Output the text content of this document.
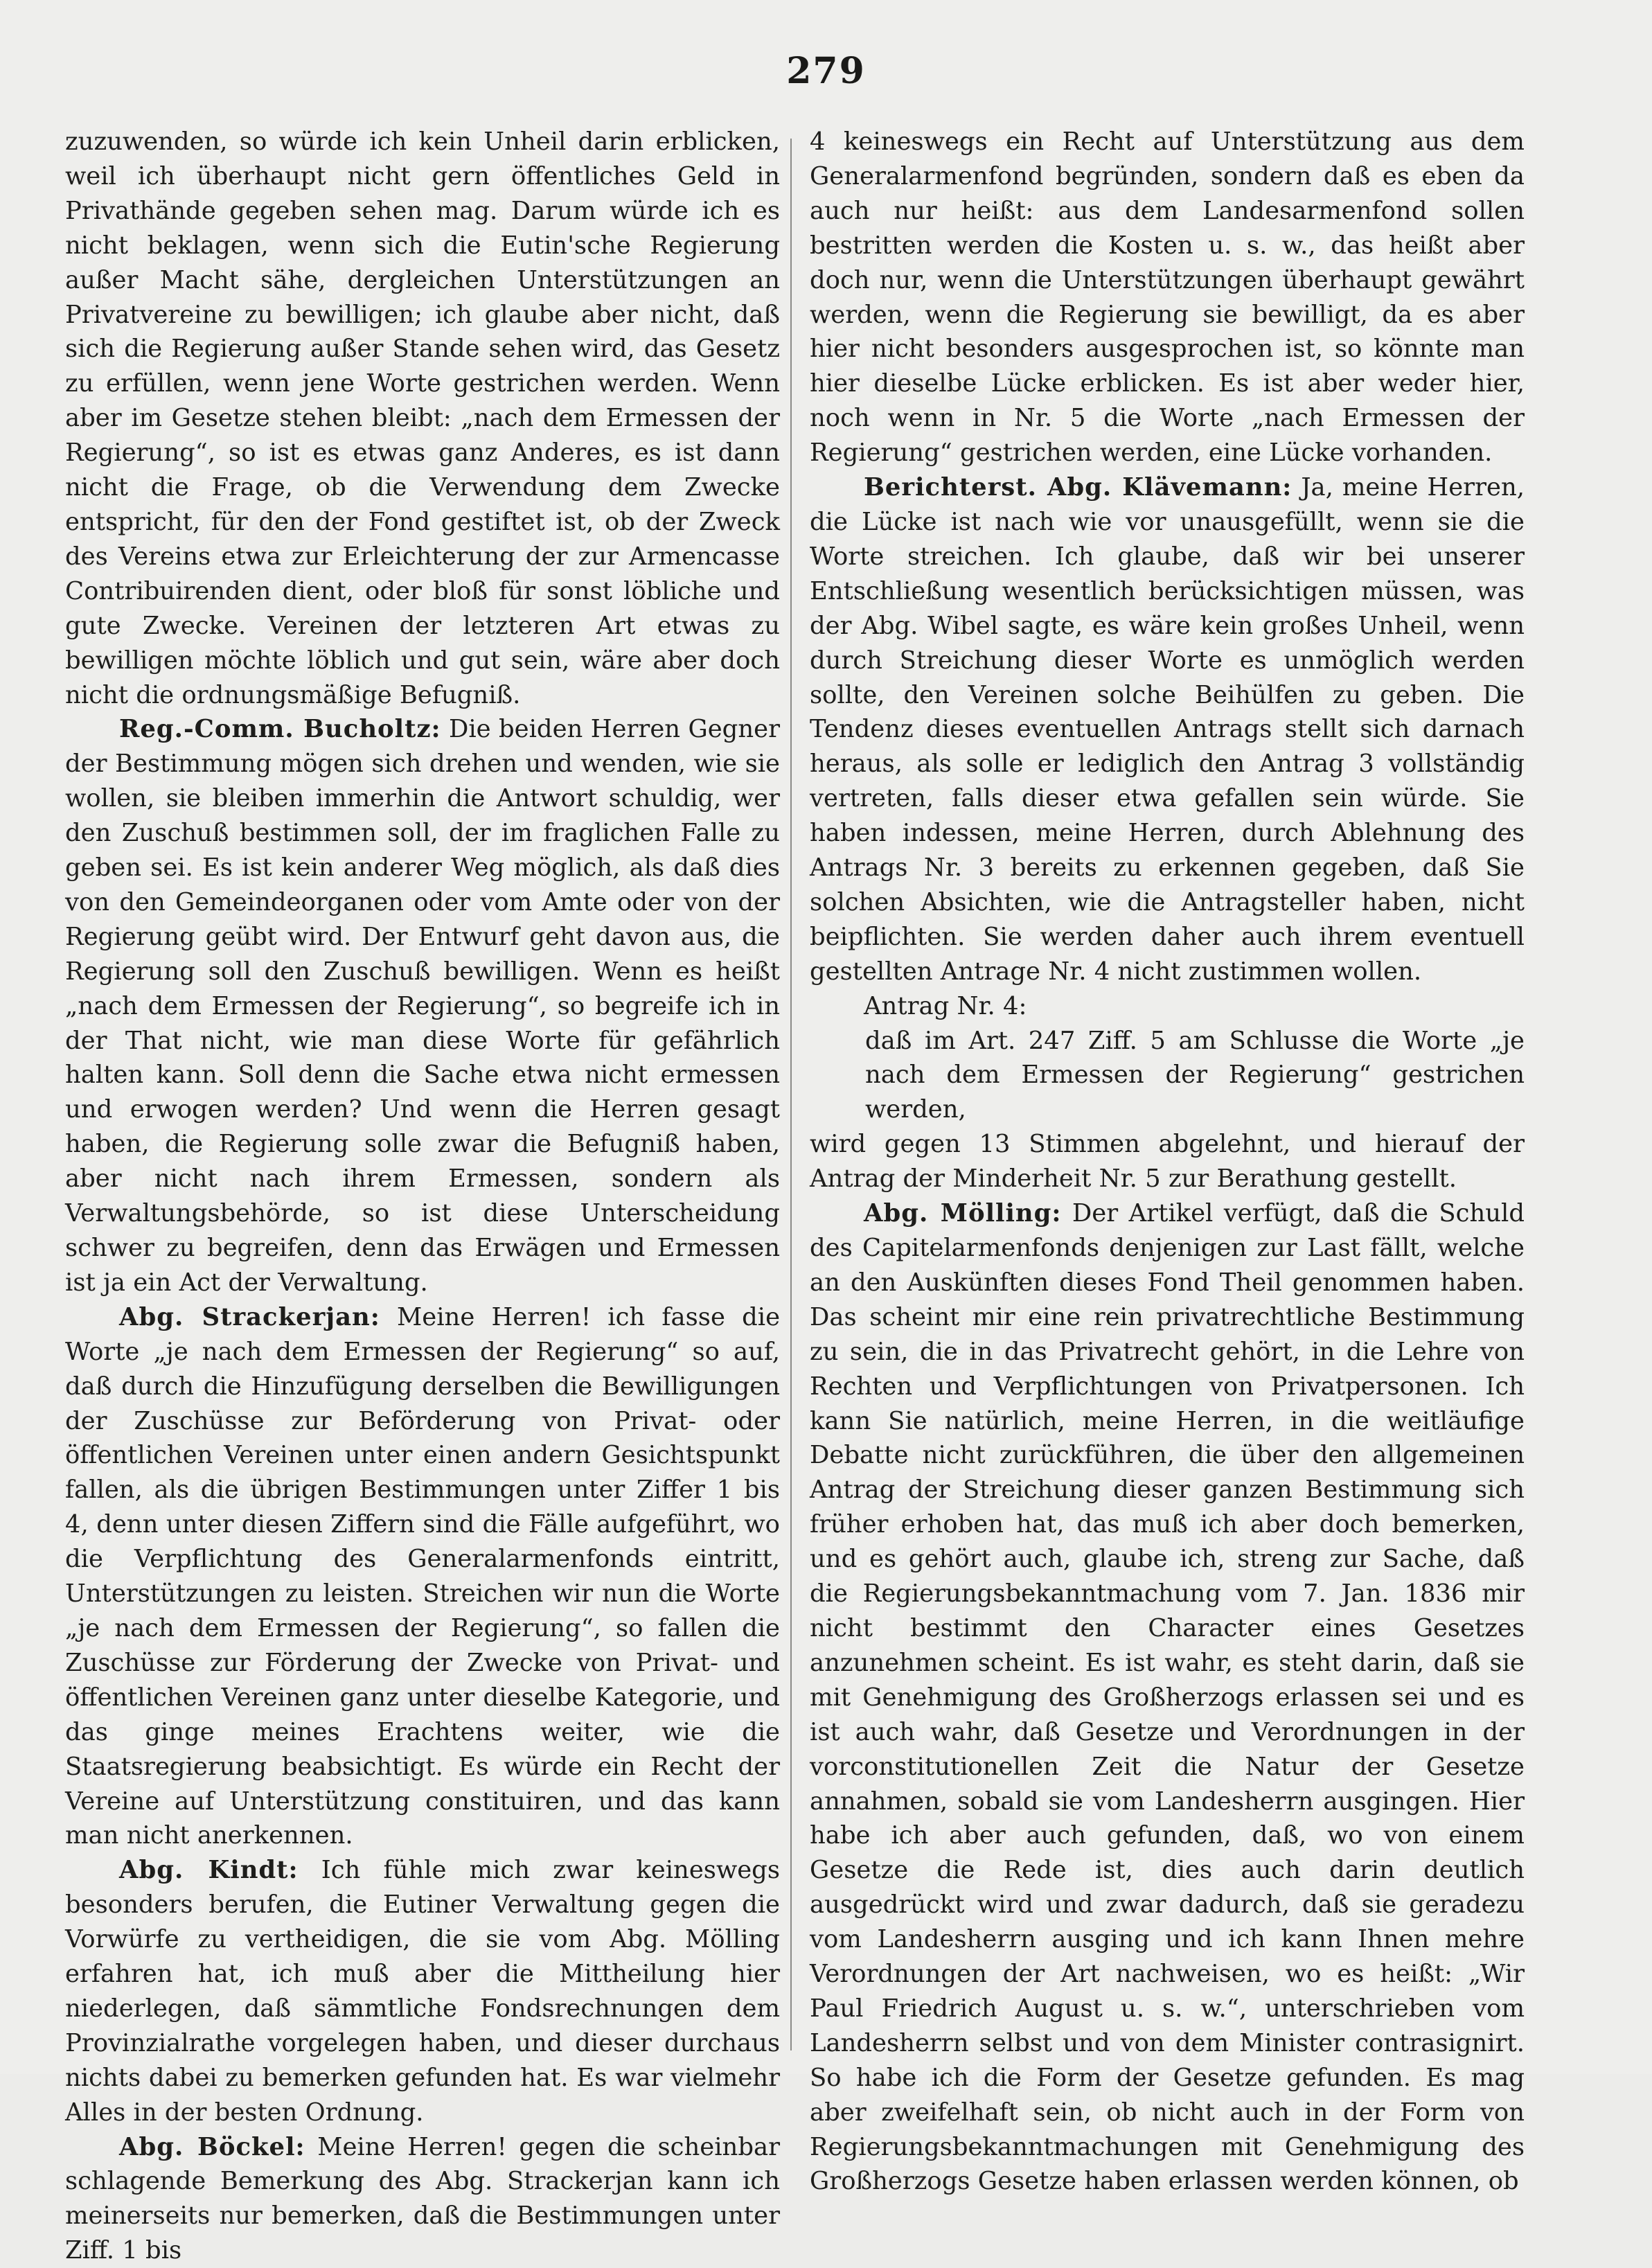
279

zuzuwenden, so würde ich kein Unheil darin erblicken, weil ich überhaupt nicht gern öffentliches Geld in Privathände gegeben sehen mag. Darum würde ich es nicht beklagen, wenn sich die Eutin'sche Regierung außer Macht sähe, dergleichen Unterstützungen an Privatvereine zu bewilligen; ich glaube aber nicht, daß sich die Regierung außer Stande sehen wird, das Gesetz zu erfüllen, wenn jene Worte gestrichen werden. Wenn aber im Gesetze stehen bleibt: „nach dem Ermessen der Regierung“, so ist es etwas ganz Anderes, es ist dann nicht die Frage, ob die Verwendung dem Zwecke entspricht, für den der Fond gestiftet ist, ob der Zweck des Vereins etwa zur Erleichterung der zur Armencasse Contribuirenden dient, oder bloß für sonst löbliche und gute Zwecke. Vereinen der letzteren Art etwas zu bewilligen möchte löblich und gut sein, wäre aber doch nicht die ordnungsmäßige Befugniß.

Reg.-Comm. Bucholtz: Die beiden Herren Gegner der Bestimmung mögen sich drehen und wenden, wie sie wollen, sie bleiben immerhin die Antwort schuldig, wer den Zuschuß bestimmen soll, der im fraglichen Falle zu geben sei. Es ist kein anderer Weg möglich, als daß dies von den Gemeindeorganen oder vom Amte oder von der Regierung geübt wird. Der Entwurf geht davon aus, die Regierung soll den Zuschuß bewilligen. Wenn es heißt „nach dem Ermessen der Regierung“, so begreife ich in der That nicht, wie man diese Worte für gefährlich halten kann. Soll denn die Sache etwa nicht ermessen und erwogen werden? Und wenn die Herren gesagt haben, die Regierung solle zwar die Befugniß haben, aber nicht nach ihrem Ermessen, sondern als Verwaltungsbehörde, so ist diese Unterscheidung schwer zu begreifen, denn das Erwägen und Ermessen ist ja ein Act der Verwaltung.

Abg. Strackerjan: Meine Herren! ich fasse die Worte „je nach dem Ermessen der Regierung“ so auf, daß durch die Hinzufügung derselben die Bewilligungen der Zuschüsse zur Beförderung von Privat- oder öffentlichen Vereinen unter einen andern Gesichtspunkt fallen, als die übrigen Bestimmungen unter Ziffer 1 bis 4, denn unter diesen Ziffern sind die Fälle aufgeführt, wo die Verpflichtung des Generalarmenfonds eintritt, Unterstützungen zu leisten. Streichen wir nun die Worte „je nach dem Ermessen der Regierung“, so fallen die Zuschüsse zur Förderung der Zwecke von Privat- und öffentlichen Vereinen ganz unter dieselbe Kategorie, und das ginge meines Erachtens weiter, wie die Staatsregierung beabsichtigt. Es würde ein Recht der Vereine auf Unterstützung constituiren, und das kann man nicht anerkennen.

Abg. Kindt: Ich fühle mich zwar keineswegs besonders berufen, die Eutiner Verwaltung gegen die Vorwürfe zu vertheidigen, die sie vom Abg. Mölling erfahren hat, ich muß aber die Mittheilung hier niederlegen, daß sämmtliche Fondsrechnungen dem Provinzialrathe vorgelegen haben, und dieser durchaus nichts dabei zu bemerken gefunden hat. Es war vielmehr Alles in der besten Ordnung.

Abg. Böckel: Meine Herren! gegen die scheinbar schlagende Bemerkung des Abg. Strackerjan kann ich meinerseits nur bemerken, daß die Bestimmungen unter Ziff. 1 bis

4 keineswegs ein Recht auf Unterstützung aus dem Generalarmenfond begründen, sondern daß es eben da auch nur heißt: aus dem Landesarmenfond sollen bestritten werden die Kosten u. s. w., das heißt aber doch nur, wenn die Unterstützungen überhaupt gewährt werden, wenn die Regierung sie bewilligt, da es aber hier nicht besonders ausgesprochen ist, so könnte man hier dieselbe Lücke erblicken. Es ist aber weder hier, noch wenn in Nr. 5 die Worte „nach Ermessen der Regierung“ gestrichen werden, eine Lücke vorhanden.

Berichterst. Abg. Klävemann: Ja, meine Herren, die Lücke ist nach wie vor unausgefüllt, wenn sie die Worte streichen. Ich glaube, daß wir bei unserer Entschließung wesentlich berücksichtigen müssen, was der Abg. Wibel sagte, es wäre kein großes Unheil, wenn durch Streichung dieser Worte es unmöglich werden sollte, den Vereinen solche Beihülfen zu geben. Die Tendenz dieses eventuellen Antrags stellt sich darnach heraus, als solle er lediglich den Antrag 3 vollständig vertreten, falls dieser etwa gefallen sein würde. Sie haben indessen, meine Herren, durch Ablehnung des Antrags Nr. 3 bereits zu erkennen gegeben, daß Sie solchen Absichten, wie die Antragsteller haben, nicht beipflichten. Sie werden daher auch ihrem eventuell gestellten Antrage Nr. 4 nicht zustimmen wollen.

Antrag Nr. 4:

daß im Art. 247 Ziff. 5 am Schlusse die Worte „je nach dem Ermessen der Regierung“ gestrichen werden,

wird gegen 13 Stimmen abgelehnt, und hierauf der Antrag der Minderheit Nr. 5 zur Berathung gestellt.

Abg. Mölling: Der Artikel verfügt, daß die Schuld des Capitelarmenfonds denjenigen zur Last fällt, welche an den Auskünften dieses Fond Theil genommen haben. Das scheint mir eine rein privatrechtliche Bestimmung zu sein, die in das Privatrecht gehört, in die Lehre von Rechten und Verpflichtungen von Privatpersonen. Ich kann Sie natürlich, meine Herren, in die weitläufige Debatte nicht zurückführen, die über den allgemeinen Antrag der Streichung dieser ganzen Bestimmung sich früher erhoben hat, das muß ich aber doch bemerken, und es gehört auch, glaube ich, streng zur Sache, daß die Regierungsbekanntmachung vom 7. Jan. 1836 mir nicht bestimmt den Character eines Gesetzes anzunehmen scheint. Es ist wahr, es steht darin, daß sie mit Genehmigung des Großherzogs erlassen sei und es ist auch wahr, daß Gesetze und Verordnungen in der vorconstitutionellen Zeit die Natur der Gesetze annahmen, sobald sie vom Landesherrn ausgingen. Hier habe ich aber auch gefunden, daß, wo von einem Gesetze die Rede ist, dies auch darin deutlich ausgedrückt wird und zwar dadurch, daß sie geradezu vom Landesherrn ausging und ich kann Ihnen mehre Verordnungen der Art nachweisen, wo es heißt: „Wir Paul Friedrich August u. s. w.“, unterschrieben vom Landesherrn selbst und von dem Minister contrasignirt. So habe ich die Form der Gesetze gefunden. Es mag aber zweifelhaft sein, ob nicht auch in der Form von Regierungsbekanntmachungen mit Genehmigung des Großherzogs Gesetze haben erlassen werden können, ob
